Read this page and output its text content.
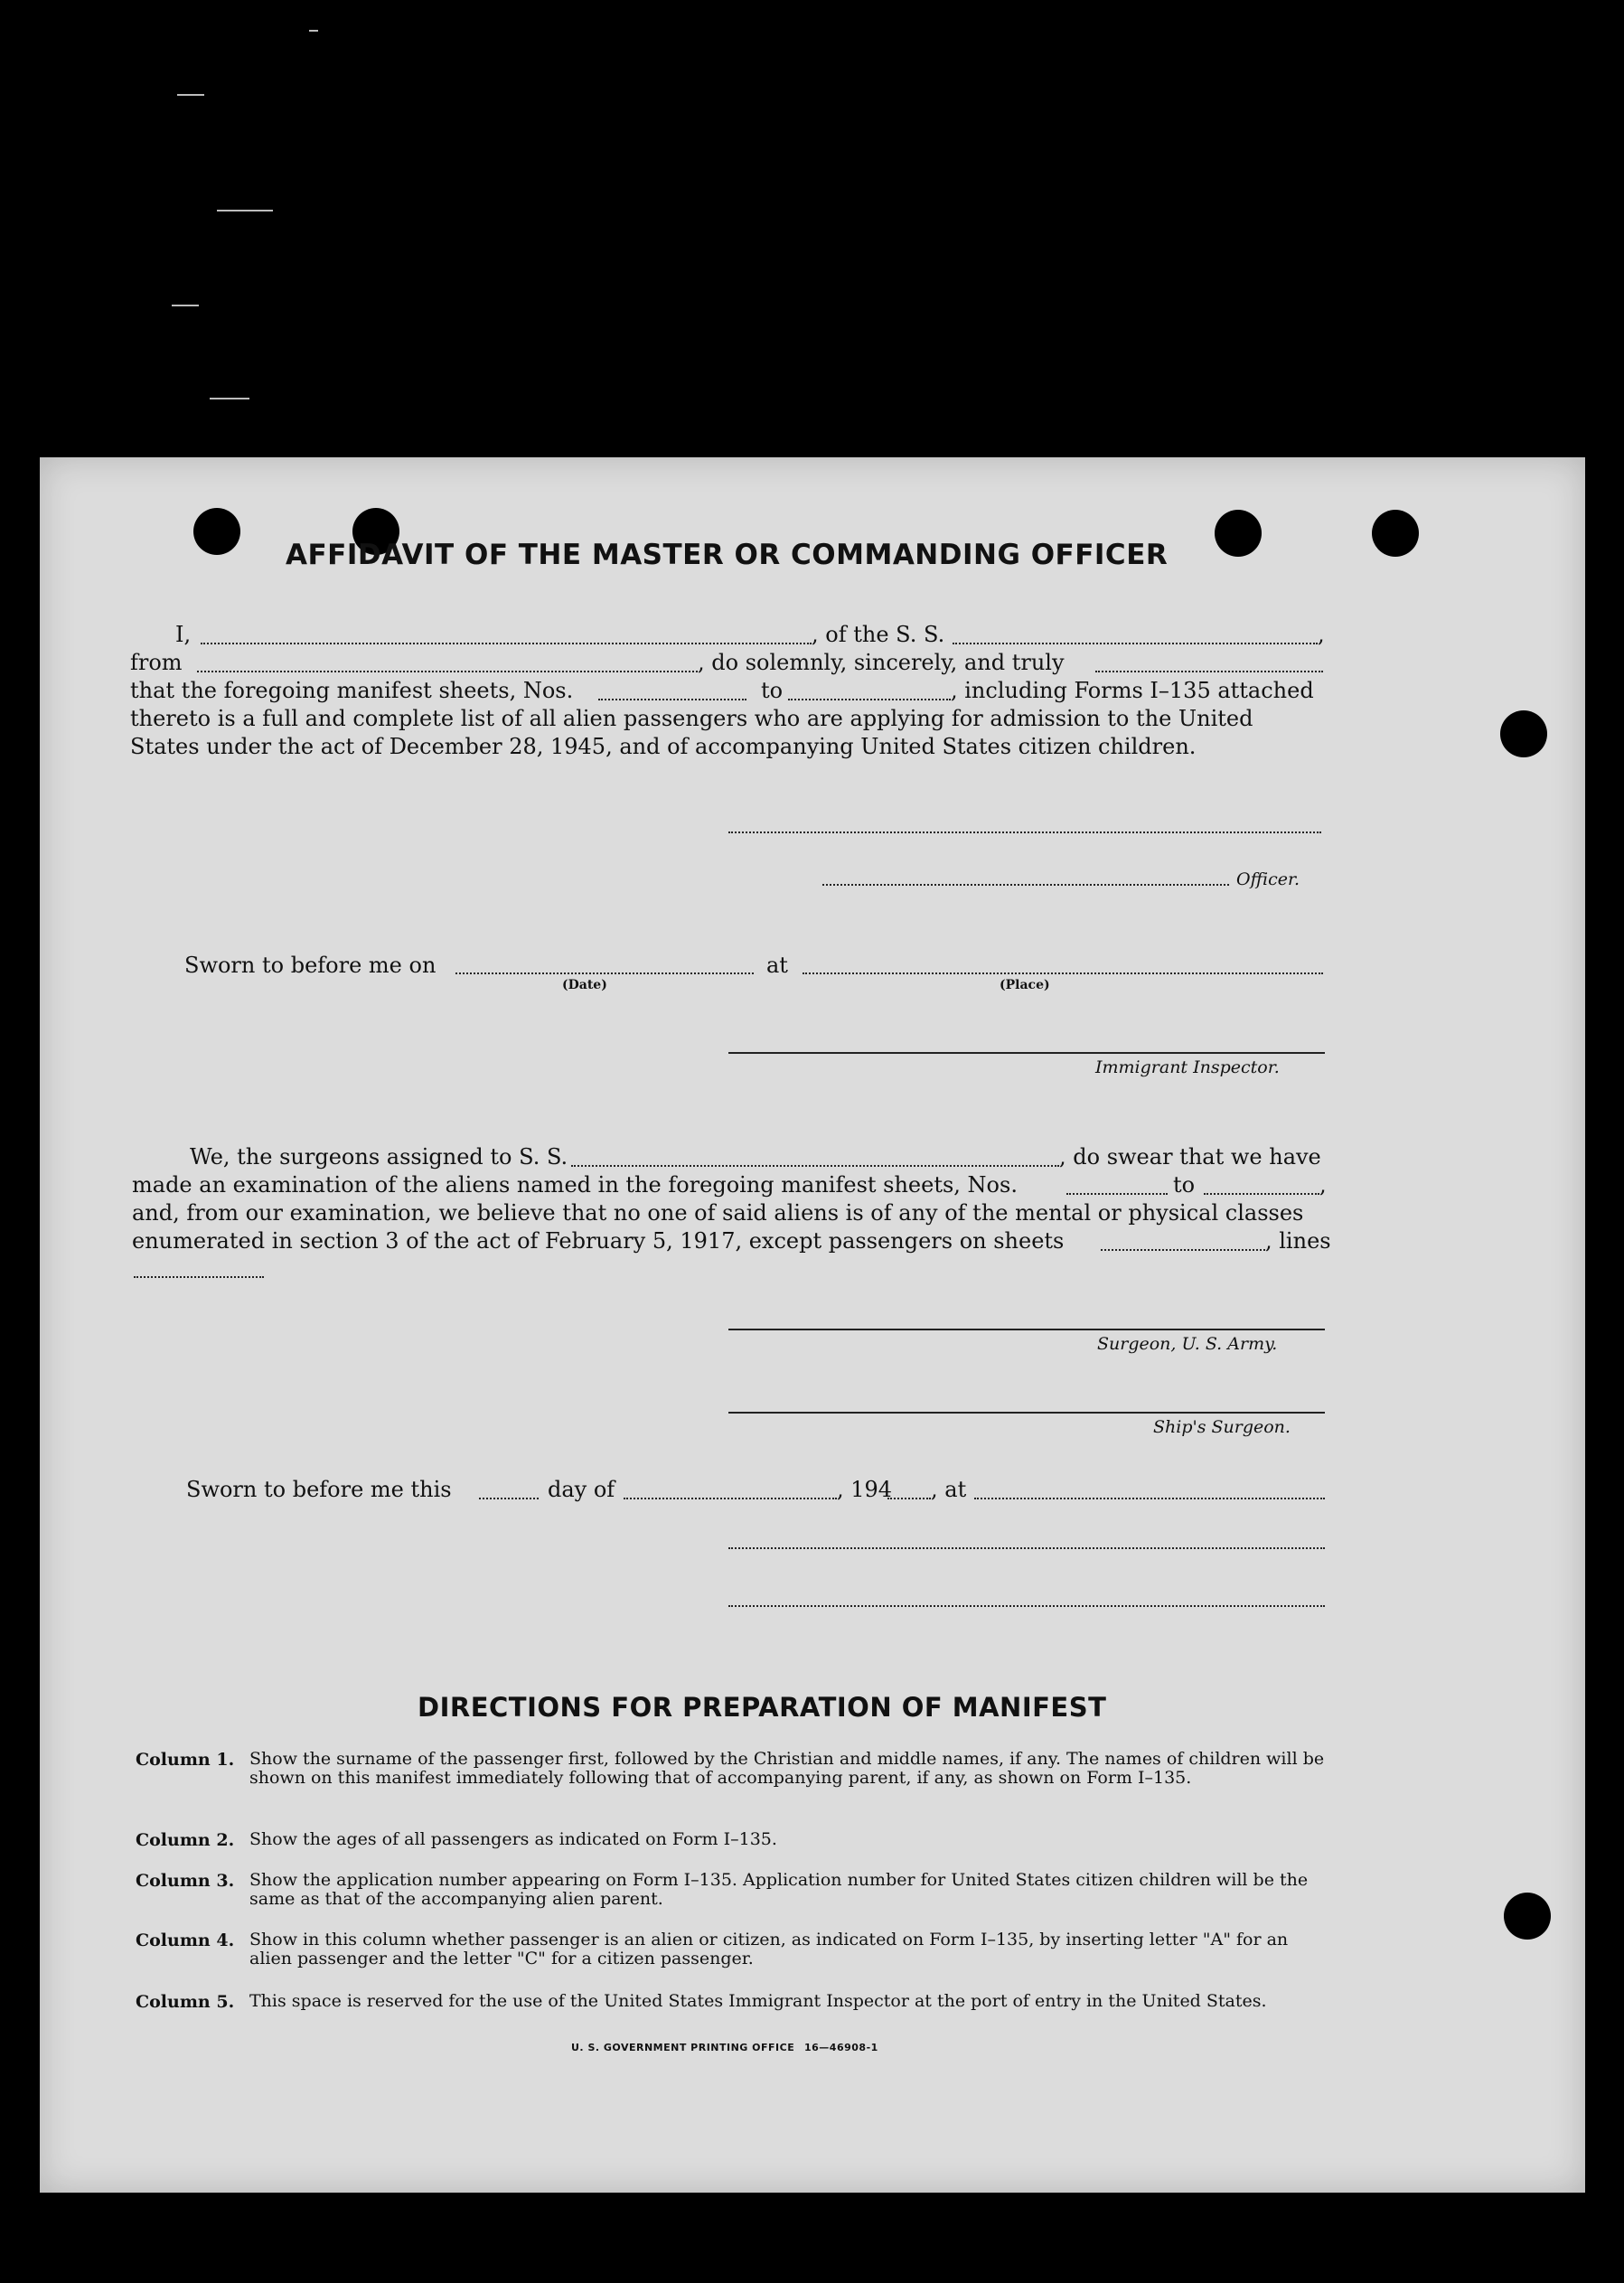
AFFIDAVIT OF THE MASTER OR COMMANDING OFFICER
I,	, of the S. S.	,
from	, do solemnly, sincerely, and truly
that the foregoing manifest sheets, Nos.	to	, including Forms I–135 attached
thereto is a full and complete list of all alien passengers who are applying for admission to the United
States under the act of December 28, 1945, and of accompanying United States citizen children.
Officer.
Sworn to before me on	at
(Date)	(Place)
Immigrant Inspector.
We, the surgeons assigned to S. S.	, do swear that we have
made an examination of the aliens named in the foregoing manifest sheets, Nos.	to	,
and, from our examination, we believe that no one of said aliens is of any of the mental or physical classes
enumerated in section 3 of the act of February 5, 1917, except passengers on sheets	, lines
Surgeon, U. S. Army.
Ship's Surgeon.
Sworn to before me this	day of	, 194 , at
DIRECTIONS FOR PREPARATION OF MANIFEST
Column 1. Show the surname of the passenger first, followed by the Christian and middle names, if any. The names of children will be shown on this manifest immediately following that of accompanying parent, if any, as shown on Form I–135.
Column 2. Show the ages of all passengers as indicated on Form I–135.
Column 3. Show the application number appearing on Form I–135. Application number for United States citizen children will be the same as that of the accompanying alien parent.
Column 4. Show in this column whether passenger is an alien or citizen, as indicated on Form I–135, by inserting letter "A" for an alien passenger and the letter "C" for a citizen passenger.
Column 5. This space is reserved for the use of the United States Immigrant Inspector at the port of entry in the United States.
U. S. GOVERNMENT PRINTING OFFICE 16—46908-1
